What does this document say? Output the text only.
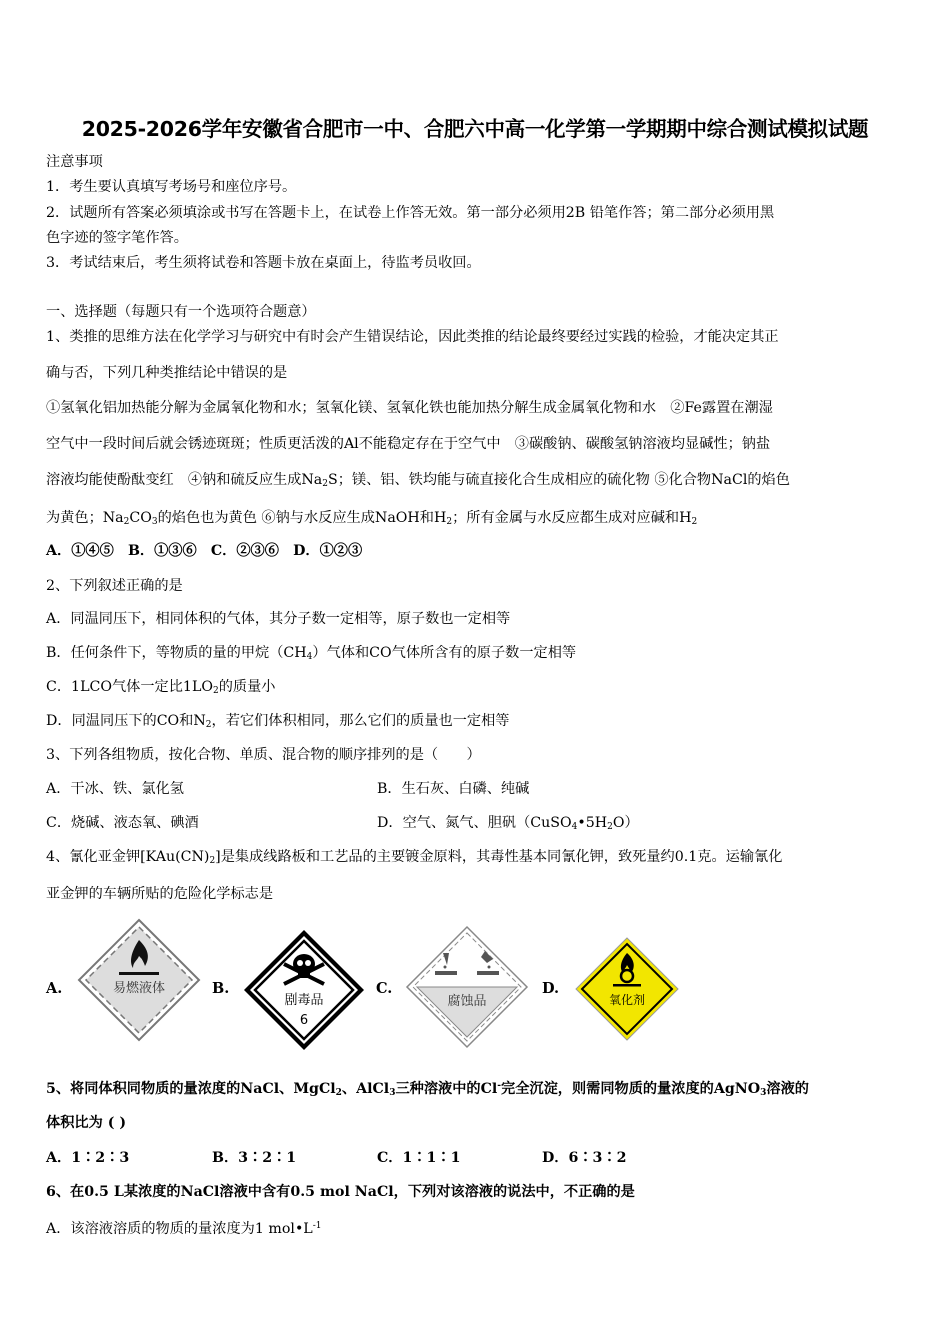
2025-2026学年安徽省合肥市一中、合肥六中高一化学第一学期期中综合测试模拟试题
注意事项
1．考生要认真填写考场号和座位序号。
2．试题所有答案必须填涂或书写在答题卡上，在试卷上作答无效。第一部分必须用2B 铅笔作答；第二部分必须用黑
色字迹的签字笔作答。
3．考试结束后，考生须将试卷和答题卡放在桌面上，待监考员收回。
一、选择题（每题只有一个选项符合题意）
1、类推的思维方法在化学学习与研究中有时会产生错误结论，因此类推的结论最终要经过实践的检验，才能决定其正
确与否，下列几种类推结论中错误的是
①氢氧化铝加热能分解为金属氧化物和水；氢氧化镁、氢氧化铁也能加热分解生成金属氧化物和水　②Fe露置在潮湿
空气中一段时间后就会锈迹斑斑；性质更活泼的Al不能稳定存在于空气中　③碳酸钠、碳酸氢钠溶液均显碱性；钠盐
溶液均能使酚酞变红　④钠和硫反应生成$Na_2S$；镁、铝、铁均能与硫直接化合生成相应的硫化物 ⑤化合物NaCl的焰色
为黄色；$Na_2CO_3$的焰色也为黄色 ⑥钠与水反应生成NaOH和$H_2$；所有金属与水反应都生成对应碱和$H_2$
A．①④⑤　B．①③⑥　C．②③⑥　D．①②③
2、下列叙述正确的是
A．同温同压下，相同体积的气体，其分子数一定相等，原子数也一定相等
B．任何条件下，等物质的量的甲烷$(CH_4)$气体和CO气体所含有的原子数一定相等
C．1LCO气体一定比$1LO_2$的质量小
D．同温同压下的CO和$N_2$，若它们体积相同，那么它们的质量也一定相等
3、下列各组物质，按化合物、单质、混合物的顺序排列的是（　　）
A．干冰、铁、氯化氢	B．生石灰、白磷、纯碱
C．烧碱、液态氧、碘酒	D．空气、氮气、胆矾$(CuSO_4•5H_2O)$
4、氰化亚金钾$[KAu(CN)_2]$是集成线路板和工艺品的主要镀金原料，其毒性基本同氰化钾，致死量约0.1克。运输氰化
亚金钾的车辆所贴的危险化学标志是
A.	易燃液体	B.
剧毒品
6
C.
腐蚀品
D.
氧化剂
5、将同体积同物质的量浓度的NaCl、MgCl$_2$、AlCl$_3$三种溶液中的Cl-完全沉淀，则需同物质的量浓度的AgNO$_3$溶液的
体积比为 ( )
A．1∶2∶3	B．3∶2∶1	C．1∶1∶1	D．6∶3∶2
6、在0.5 L某浓度的NaCl溶液中含有0.5 mol NaCl，下列对该溶液的说法中，不正确的是
A．该溶液溶质的物质的量浓度为1 $mol•L^{-1}$
